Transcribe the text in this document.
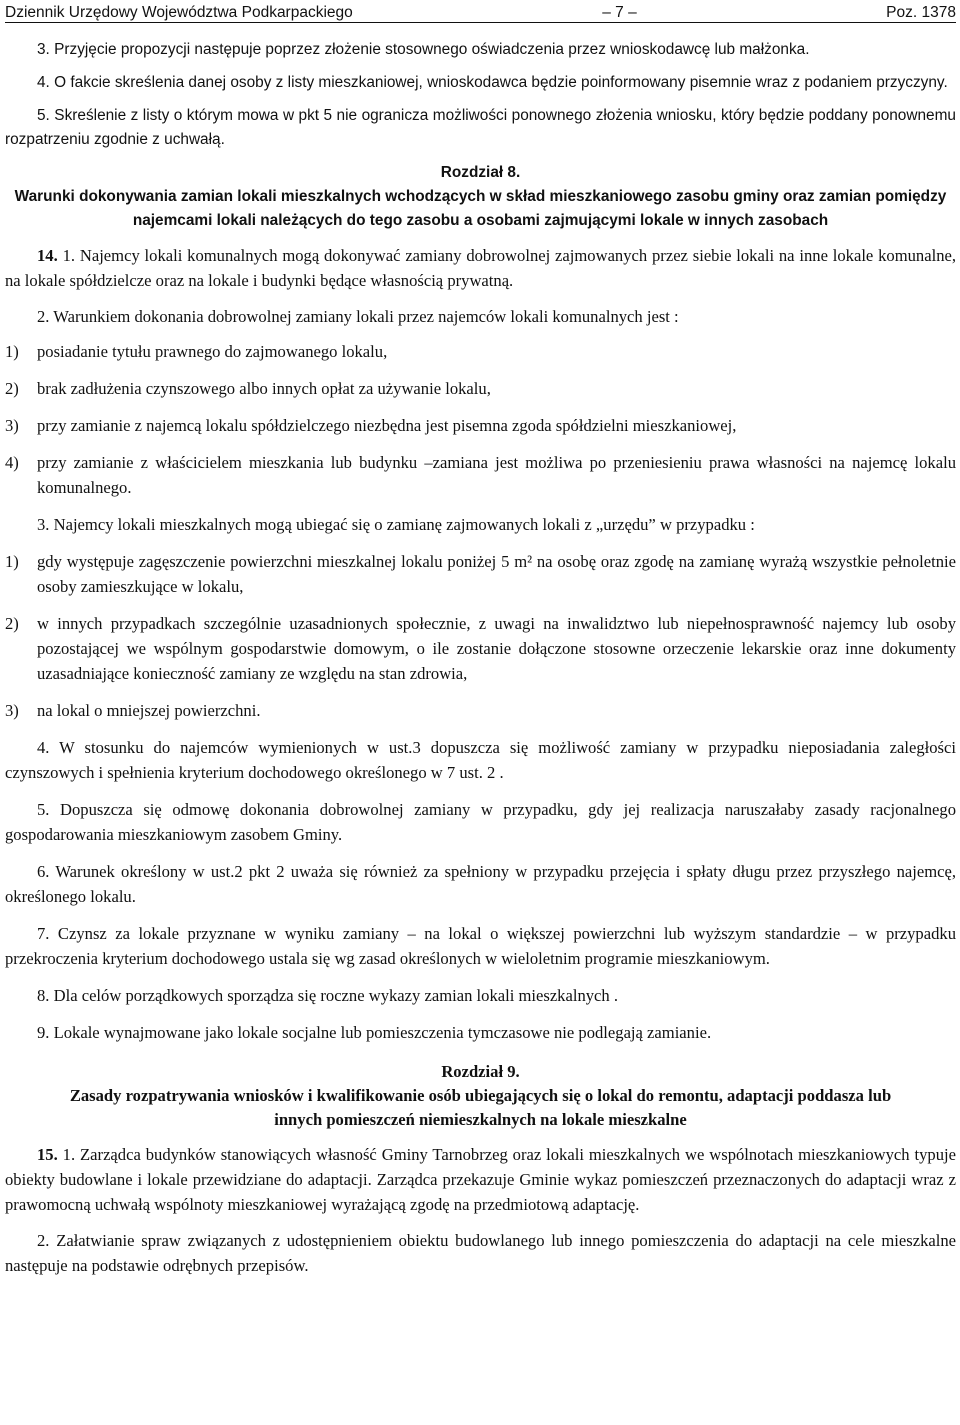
Dziennik Urzędowy Województwa Podkarpackiego	– 7 –	Poz. 1378

3. Przyjęcie propozycji następuje poprzez złożenie stosownego oświadczenia przez wnioskodawcę lub małżonka.

4. O fakcie skreślenia danej osoby z listy mieszkaniowej, wnioskodawca będzie poinformowany pisemnie wraz z podaniem przyczyny.

5. Skreślenie z listy o którym mowa w pkt 5 nie ogranicza możliwości ponownego złożenia wniosku, który będzie poddany ponownemu rozpatrzeniu zgodnie z uchwałą.

Rozdział 8.
Warunki dokonywania zamian lokali mieszkalnych wchodzących w skład mieszkaniowego zasobu gminy oraz zamian pomiędzy najemcami lokali należących do tego zasobu a osobami zajmującymi lokale w innych zasobach

14. 1. Najemcy lokali komunalnych mogą dokonywać zamiany dobrowolnej zajmowanych przez siebie lokali na inne lokale komunalne, na lokale spółdzielcze oraz na lokale i budynki będące własnością prywatną.

2. Warunkiem dokonania dobrowolnej zamiany lokali przez najemców lokali komunalnych jest :

1) posiadanie tytułu prawnego do zajmowanego lokalu,
2) brak zadłużenia czynszowego albo innych opłat za używanie lokalu,
3) przy zamianie z najemcą lokalu spółdzielczego niezbędna jest pisemna zgoda spółdzielni mieszkaniowej,
4) przy zamianie z właścicielem mieszkania lub budynku –zamiana jest możliwa po przeniesieniu prawa własności na najemcę lokalu komunalnego.

3. Najemcy lokali mieszkalnych mogą ubiegać się o zamianę zajmowanych lokali z „urzędu” w przypadku :

1) gdy występuje zagęszczenie powierzchni mieszkalnej lokalu poniżej 5 m² na osobę oraz zgodę na zamianę wyrażą wszystkie pełnoletnie osoby zamieszkujące w lokalu,
2) w innych przypadkach szczególnie uzasadnionych społecznie, z uwagi na inwalidztwo lub niepełnosprawność najemcy lub osoby pozostającej we wspólnym gospodarstwie domowym, o ile zostanie dołączone stosowne orzeczenie lekarskie oraz inne dokumenty uzasadniające konieczność zamiany ze względu na stan zdrowia,
3) na lokal o mniejszej powierzchni.

4. W stosunku do najemców wymienionych w ust.3 dopuszcza się możliwość zamiany w przypadku nieposiadania zaległości czynszowych i spełnienia kryterium dochodowego określonego w 7 ust. 2 .

5. Dopuszcza się odmowę dokonania dobrowolnej zamiany w przypadku, gdy jej realizacja naruszałaby zasady racjonalnego gospodarowania mieszkaniowym zasobem Gminy.

6. Warunek określony w ust.2 pkt 2 uważa się również za spełniony w przypadku przejęcia i spłaty długu przez przyszłego najemcę, określonego lokalu.

7. Czynsz za lokale przyznane w wyniku zamiany – na lokal o większej powierzchni lub wyższym standardzie – w przypadku przekroczenia kryterium dochodowego ustala się wg zasad określonych w wieloletnim programie mieszkaniowym.

8. Dla celów porządkowych sporządza się roczne wykazy zamian lokali mieszkalnych .

9. Lokale wynajmowane jako lokale socjalne lub pomieszczenia tymczasowe nie podlegają zamianie.

Rozdział 9.
Zasady rozpatrywania wniosków i kwalifikowanie osób ubiegających się o lokal do remontu, adaptacji poddasza lub innych pomieszczeń niemieszkalnych na lokale mieszkalne

15. 1. Zarządca budynków stanowiących własność Gminy Tarnobrzeg oraz lokali mieszkalnych we wspólnotach mieszkaniowych typuje obiekty budowlane i lokale przewidziane do adaptacji. Zarządca przekazuje Gminie wykaz pomieszczeń przeznaczonych do adaptacji wraz z prawomocną uchwałą wspólnoty mieszkaniowej wyrażającą zgodę na przedmiotową adaptację.

2. Załatwianie spraw związanych z udostępnieniem obiektu budowlanego lub innego pomieszczenia do adaptacji na cele mieszkalne następuje na podstawie odrębnych przepisów.
